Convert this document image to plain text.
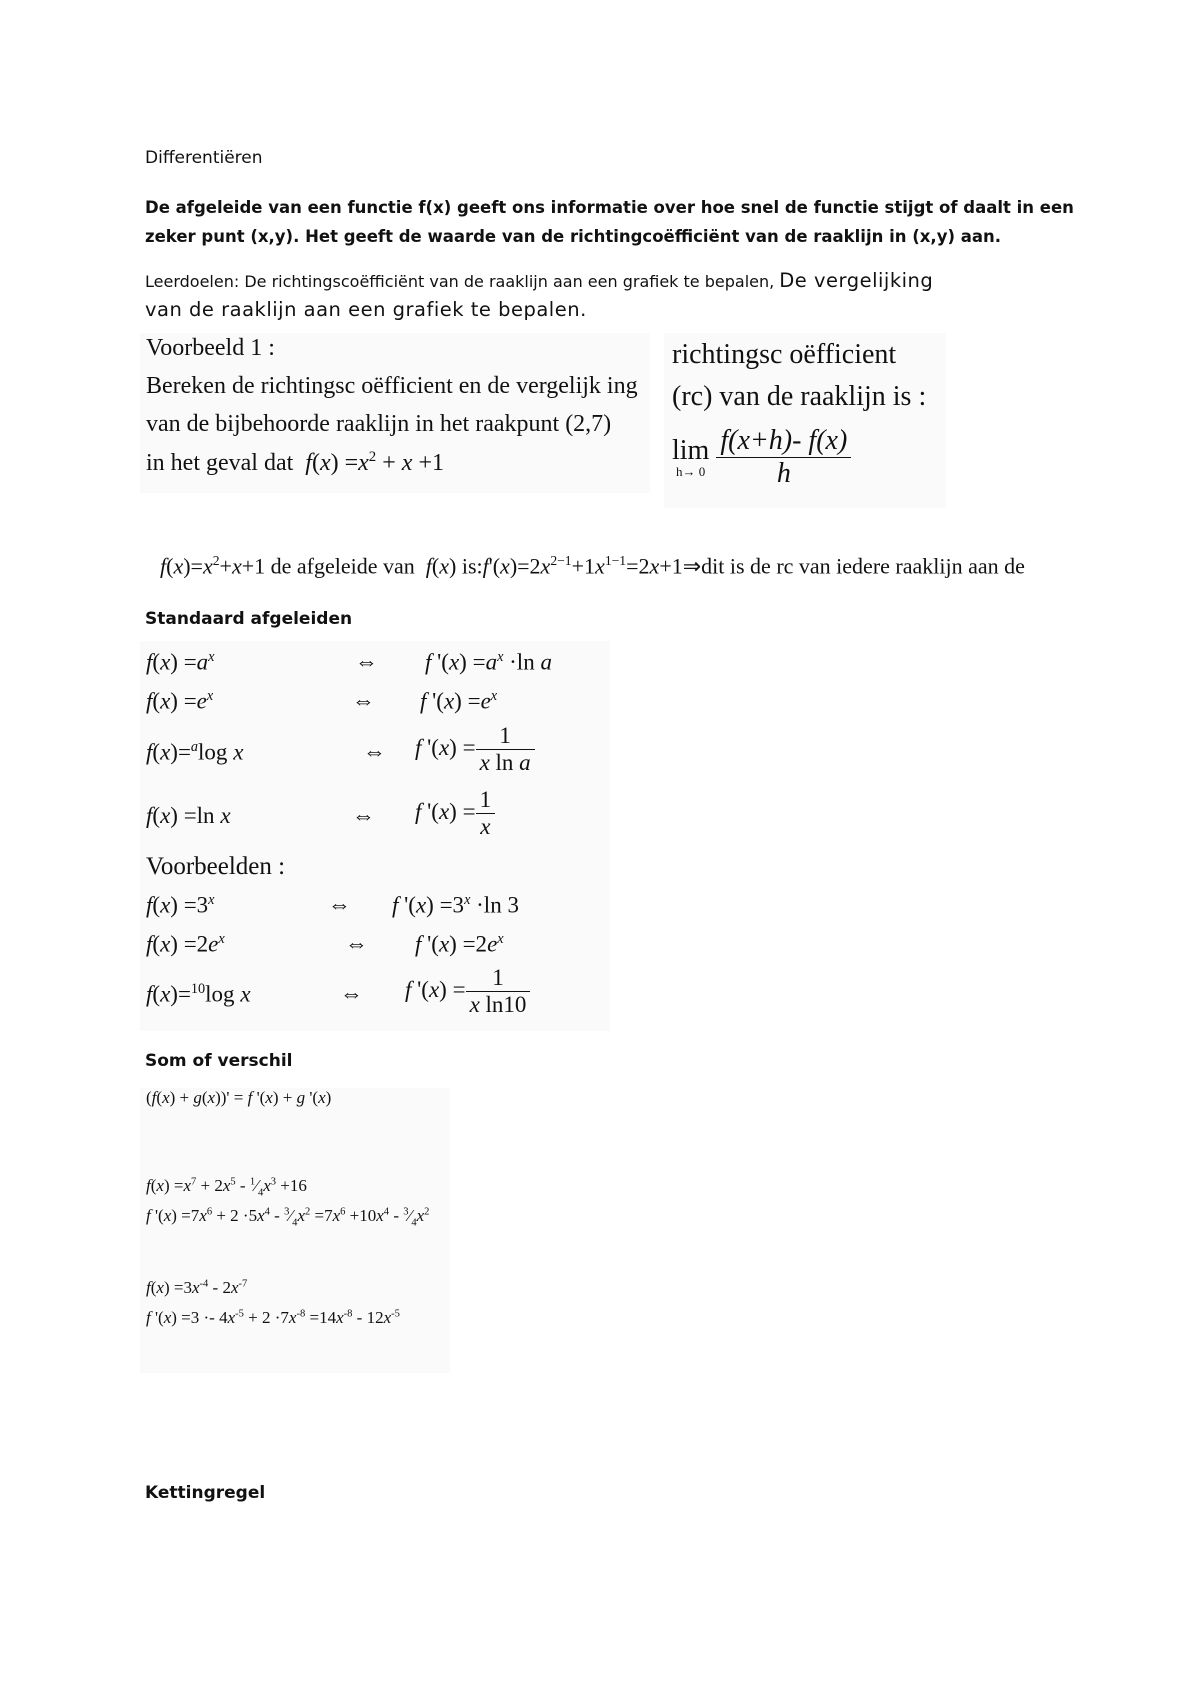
Differentiëren
De afgeleide van een functie f(x) geeft ons informatie over hoe snel de functie stijgt of daalt in een
zeker punt (x,y). Het geeft de waarde van de richtingcoëfficiënt van de raaklijn in (x,y) aan.
Leerdoelen: De richtingscoëfficiënt van de raaklijn aan een grafiek te bepalen, De vergelijking
van de raaklijn aan een grafiek te bepalen.
Voorbeeld 1 :
Bereken de richtingsc oëfficient en de vergelijk ing
van de bijbehoorde raaklijn in het raakpunt (2,7)
in het geval dat $f(x) =x^2 + x +1$
richtingsc oëfficient
(rc) van de raaklijn is :
lim
h→ 0
$\frac{f(x+h)- f(x)}{h}$
$f(x)=x^2+x+1$ de afgeleide van f(x) $is:f'(x)=2x^{2-1}+1x^{1-1}=2x+1\Rightarrow dit$ is de rc van iedere raaklijn aan de
Standaard afgeleiden
$f(x) =a^x$	⇔ f '$(x) =a^x \cdot\ln$ a
$f(x) =e^x$	⇔ f '$(x) =e^x$
f(x)=$^a$log x	⇔ f '$(x) = \frac{1}{\text{x ln a}}$
f(x) =ln x	⇔ f '$(x) = \frac{1}{x}$
Voorbeelden :
$f(x) =3^x$	⇔ f '$(x) =3^x \cdot\ln$ 3
$f(x) =2e^x$	⇔ f '$(x) =2e^x$
f(x)=$^{10}$log x	⇔ f '$(x) = \frac{1}{\text{x ln10}}$
Som of verschil
(f(x) + g(x))' = f '(x) + g '(x)
$f(x) =x^7 + 2x^5$ - $^1⁄_4x^3 +16$
f '$(x) =7x^6 + 2 \cdot 5x^4$ - $^3⁄_4x^2 =7x^6 +10x^4$ - $^3⁄_4x^2$
$f(x) =3x^{-4} - 2x^{-7}$
f '$(x) =3 \cdot- 4x^{-5} + 2 \cdot 7x^{-8} =14x^{-8} - 12x^{-5}$
Kettingregel
